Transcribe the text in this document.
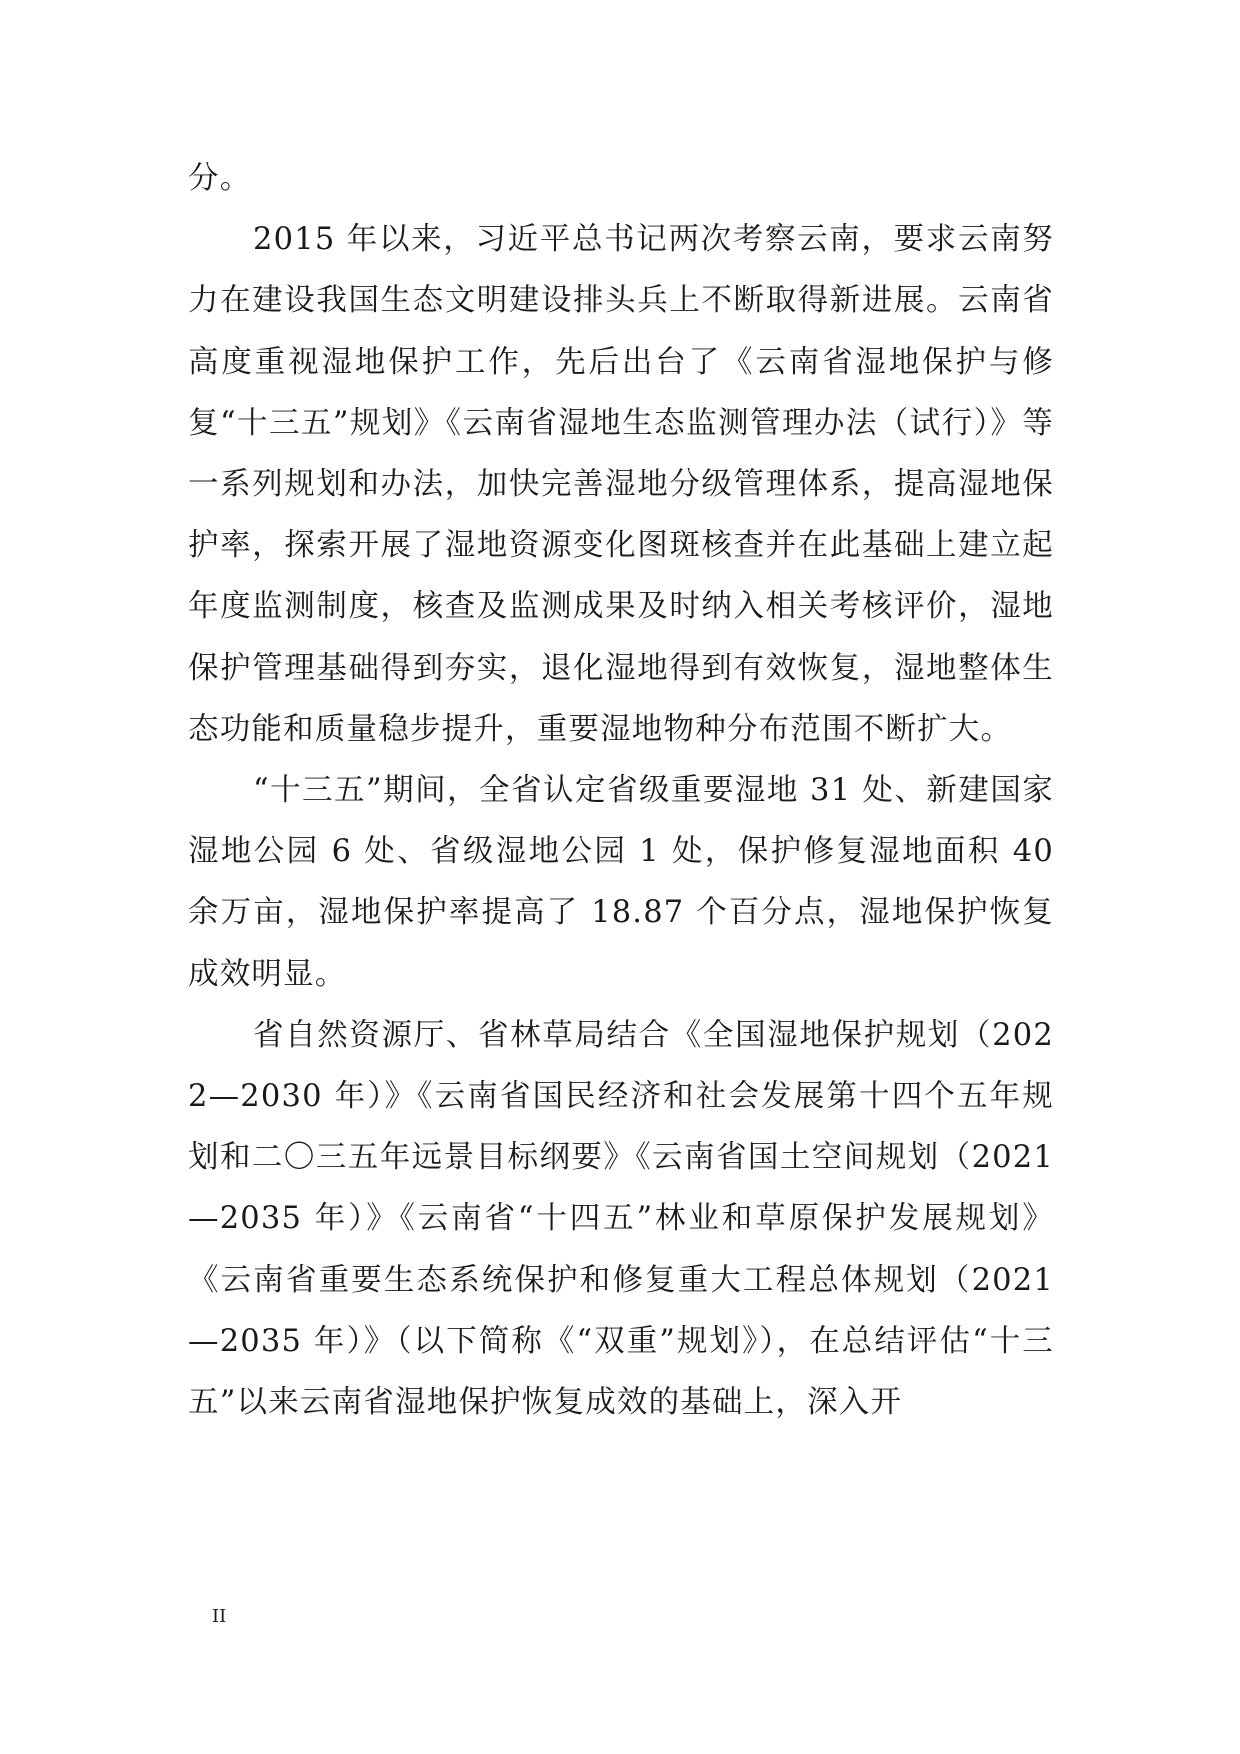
分。

2015 年以来，习近平总书记两次考察云南，要求云南努力在建设我国生态文明建设排头兵上不断取得新进展。云南省高度重视湿地保护工作，先后出台了《云南省湿地保护与修复“十三五”规划》《云南省湿地生态监测管理办法（试行）》等一系列规划和办法，加快完善湿地分级管理体系，提高湿地保护率，探索开展了湿地资源变化图斑核查并在此基础上建立起年度监测制度，核查及监测成果及时纳入相关考核评价，湿地保护管理基础得到夯实，退化湿地得到有效恢复，湿地整体生态功能和质量稳步提升，重要湿地物种分布范围不断扩大。

“十三五”期间，全省认定省级重要湿地 31 处、新建国家湿地公园 6 处、省级湿地公园 1 处，保护修复湿地面积 40 余万亩，湿地保护率提高了 18.87 个百分点，湿地保护恢复成效明显。

省自然资源厅、省林草局结合《全国湿地保护规划（2022—2030 年）》《云南省国民经济和社会发展第十四个五年规划和二〇三五年远景目标纲要》《云南省国土空间规划（2021—2035 年）》《云南省“十四五”林业和草原保护发展规划》《云南省重要生态系统保护和修复重大工程总体规划（2021—2035 年）》（以下简称《“双重”规划》），在总结评估“十三五”以来云南省湿地保护恢复成效的基础上，深入开

II
